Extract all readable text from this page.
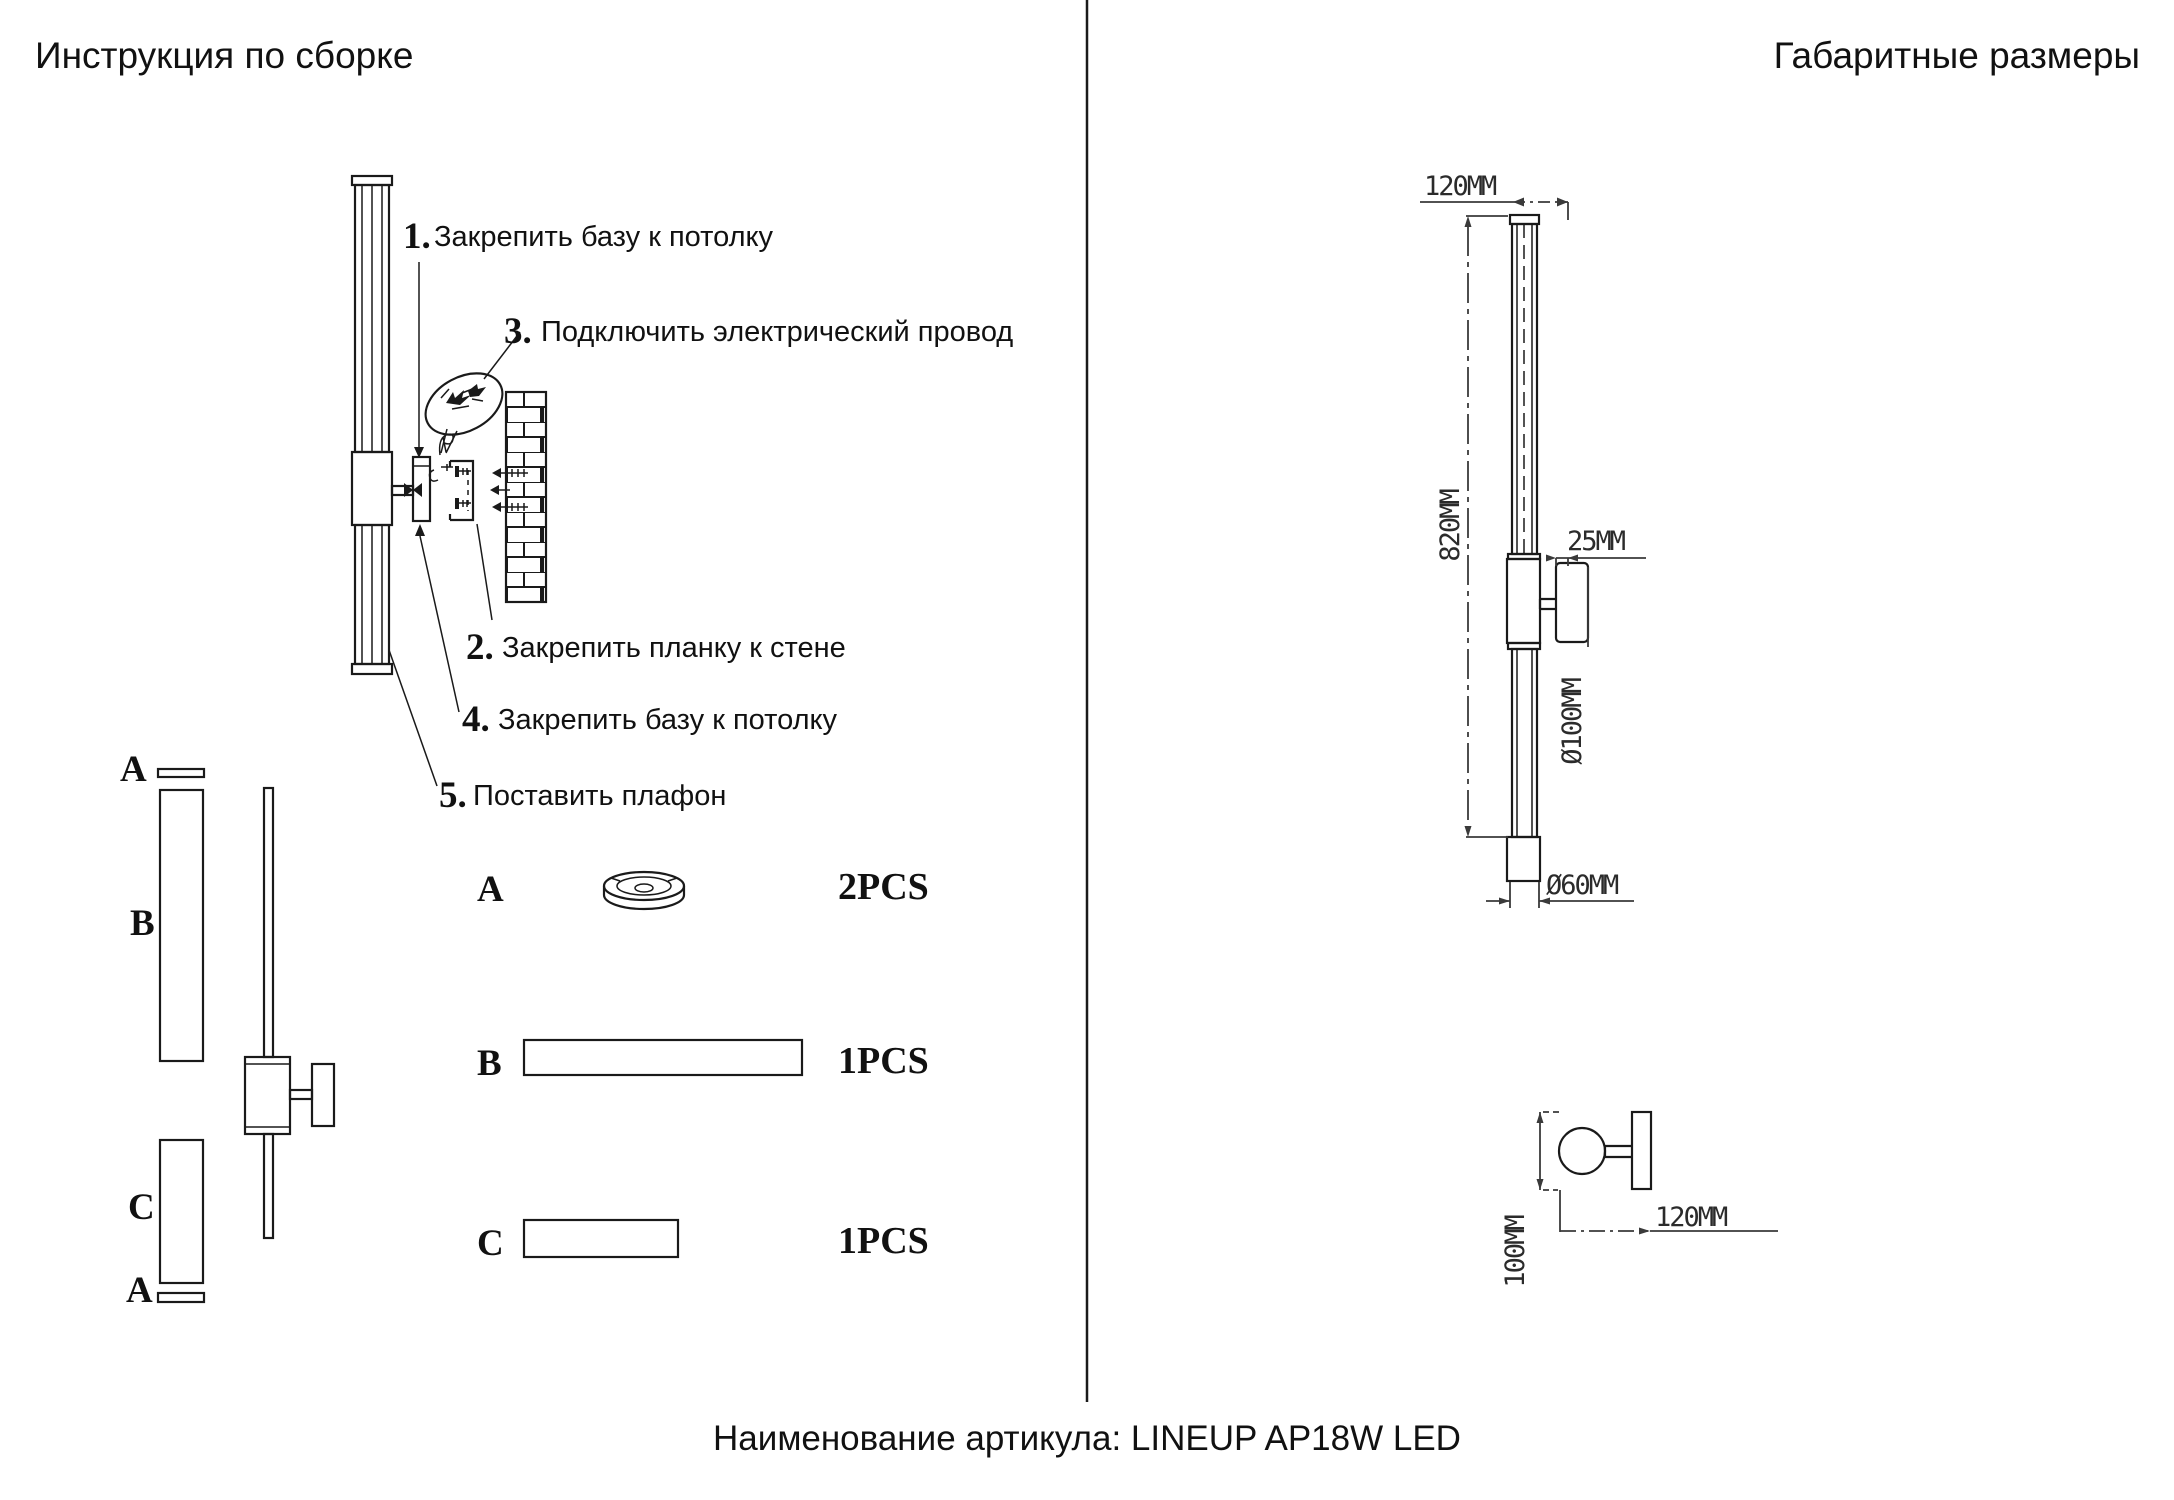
Инструкция по сборке
1. Закрепить базу к потолку
3. Подключить электрический провод
2. Закрепить планку к стене
4. Закрепить базу к потолку
5. Поставить плафон
A
B
C
A
A	2PCS
B	1PCS
C	1PCS
Габаритные размеры
120MM
820MM	25MM
Ø100MM
Ø60MM
100MM	120MM
Наименование артикула: LINEUP AP18W LED
